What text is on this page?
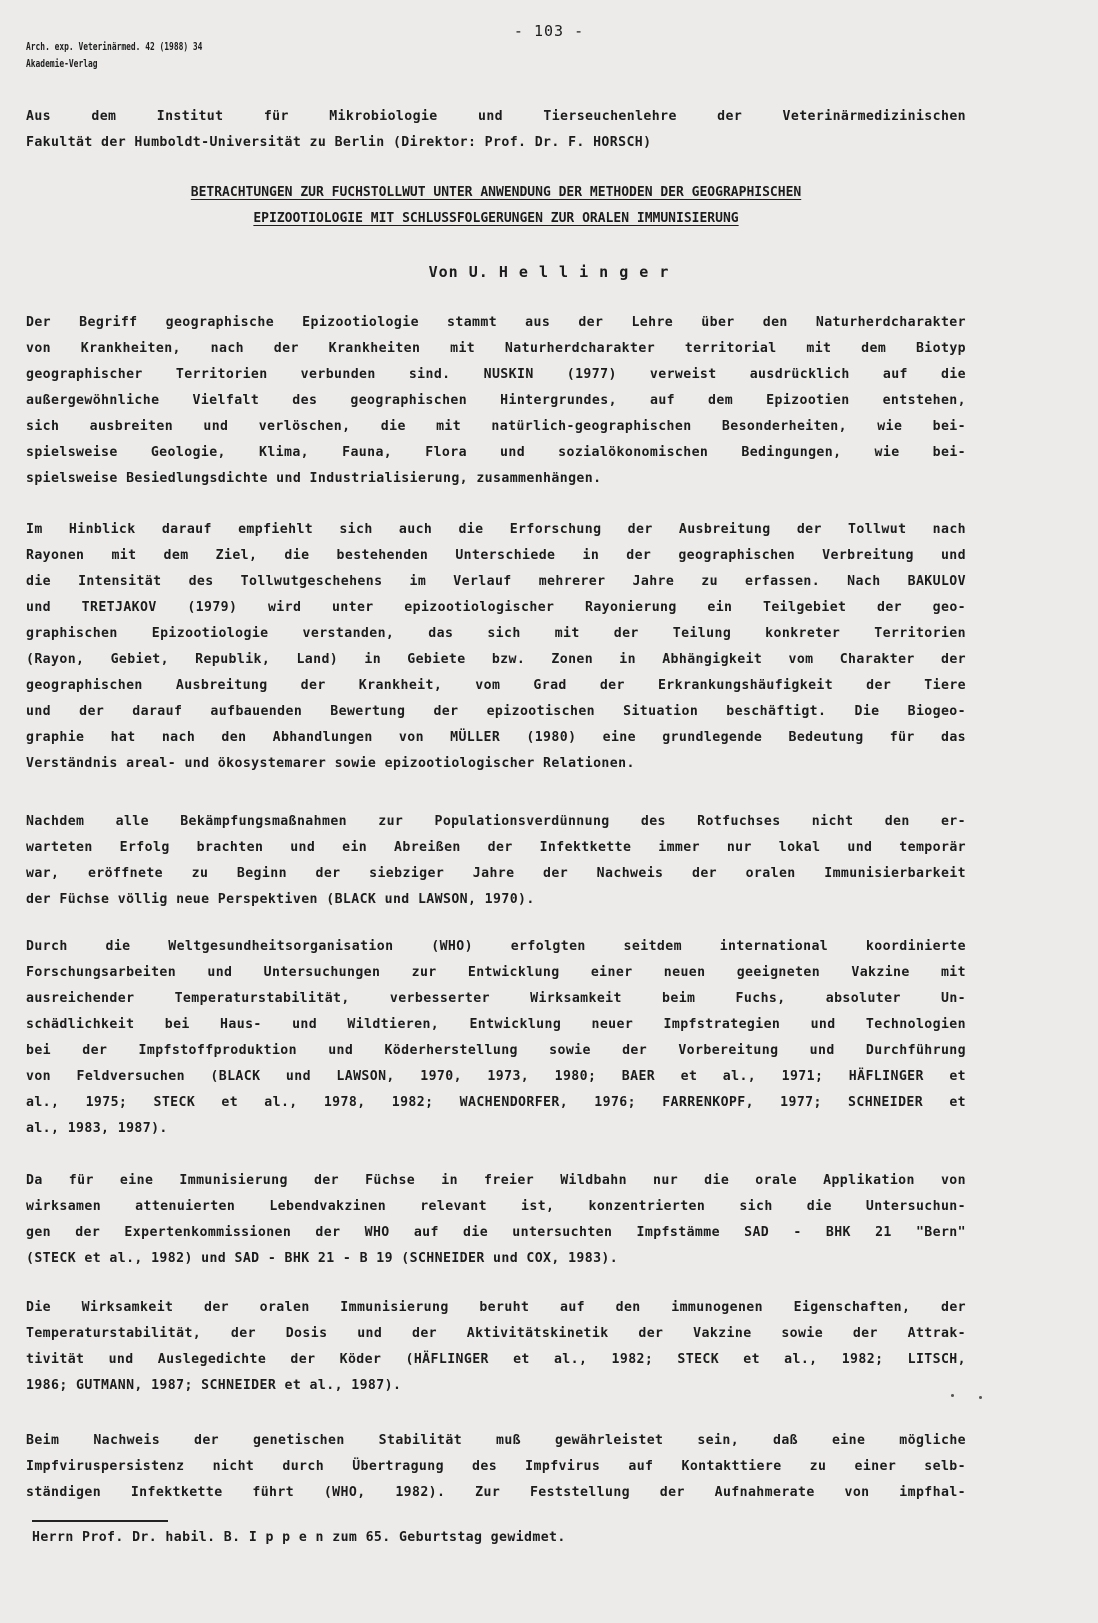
- 103 -
Arch. exp. Veterinärmed. 42 (1988) 34
Akademie-Verlag
Aus dem Institut für Mikrobiologie und Tierseuchenlehre der Veterinärmedizinischen
Fakultät der Humboldt-Universität zu Berlin (Direktor: Prof. Dr. F. HORSCH)
BETRACHTUNGEN ZUR FUCHSTOLLWUT UNTER ANWENDUNG DER METHODEN DER GEOGRAPHISCHEN
EPIZOOTIOLOGIE MIT SCHLUSSFOLGERUNGEN ZUR ORALEN IMMUNISIERUNG
Von U. H e l l i n g e r
Der Begriff geographische Epizootiologie stammt aus der Lehre über den Naturherdcharakter
von Krankheiten, nach der Krankheiten mit Naturherdcharakter territorial mit dem Biotyp
geographischer Territorien verbunden sind. NUSKIN (1977) verweist ausdrücklich auf die
außergewöhnliche Vielfalt des geographischen Hintergrundes, auf dem Epizootien entstehen,
sich ausbreiten und verlöschen, die mit natürlich-geographischen Besonderheiten, wie bei-
spielsweise Geologie, Klima, Fauna, Flora und sozialökonomischen Bedingungen, wie bei-
spielsweise Besiedlungsdichte und Industrialisierung, zusammenhängen.
Im Hinblick darauf empfiehlt sich auch die Erforschung der Ausbreitung der Tollwut nach
Rayonen mit dem Ziel, die bestehenden Unterschiede in der geographischen Verbreitung und
die Intensität des Tollwutgeschehens im Verlauf mehrerer Jahre zu erfassen. Nach BAKULOV
und TRETJAKOV (1979) wird unter epizootiologischer Rayonierung ein Teilgebiet der geo-
graphischen Epizootiologie verstanden, das sich mit der Teilung konkreter Territorien
(Rayon, Gebiet, Republik, Land) in Gebiete bzw. Zonen in Abhängigkeit vom Charakter der
geographischen Ausbreitung der Krankheit, vom Grad der Erkrankungshäufigkeit der Tiere
und der darauf aufbauenden Bewertung der epizootischen Situation beschäftigt. Die Biogeo-
graphie hat nach den Abhandlungen von MÜLLER (1980) eine grundlegende Bedeutung für das
Verständnis areal- und ökosystemarer sowie epizootiologischer Relationen.
Nachdem alle Bekämpfungsmaßnahmen zur Populationsverdünnung des Rotfuchses nicht den er-
warteten Erfolg brachten und ein Abreißen der Infektkette immer nur lokal und temporär
war, eröffnete zu Beginn der siebziger Jahre der Nachweis der oralen Immunisierbarkeit
der Füchse völlig neue Perspektiven (BLACK und LAWSON, 1970).
Durch die Weltgesundheitsorganisation (WHO) erfolgten seitdem international koordinierte
Forschungsarbeiten und Untersuchungen zur Entwicklung einer neuen geeigneten Vakzine mit
ausreichender Temperaturstabilität, verbesserter Wirksamkeit beim Fuchs, absoluter Un-
schädlichkeit bei Haus- und Wildtieren, Entwicklung neuer Impfstrategien und Technologien
bei der Impfstoffproduktion und Köderherstellung sowie der Vorbereitung und Durchführung
von Feldversuchen (BLACK und LAWSON, 1970, 1973, 1980; BAER et al., 1971; HÄFLINGER et
al., 1975; STECK et al., 1978, 1982; WACHENDORFER, 1976; FARRENKOPF, 1977; SCHNEIDER et
al., 1983, 1987).
Da für eine Immunisierung der Füchse in freier Wildbahn nur die orale Applikation von
wirksamen attenuierten Lebendvakzinen relevant ist, konzentrierten sich die Untersuchun-
gen der Expertenkommissionen der WHO auf die untersuchten Impfstämme SAD - BHK 21 "Bern"
(STECK et al., 1982) und SAD - BHK 21 - B 19 (SCHNEIDER und COX, 1983).
Die Wirksamkeit der oralen Immunisierung beruht auf den immunogenen Eigenschaften, der
Temperaturstabilität, der Dosis und der Aktivitätskinetik der Vakzine sowie der Attrak-
tivität und Auslegedichte der Köder (HÄFLINGER et al., 1982; STECK et al., 1982; LITSCH,
1986; GUTMANN, 1987; SCHNEIDER et al., 1987).
Beim Nachweis der genetischen Stabilität muß gewährleistet sein, daß eine mögliche
Impfviruspersistenz nicht durch Übertragung des Impfvirus auf Kontakttiere zu einer selb-
ständigen Infektkette führt (WHO, 1982). Zur Feststellung der Aufnahmerate von impfhal-
Herrn Prof. Dr. habil. B. I p p e n zum 65. Geburtstag gewidmet.
